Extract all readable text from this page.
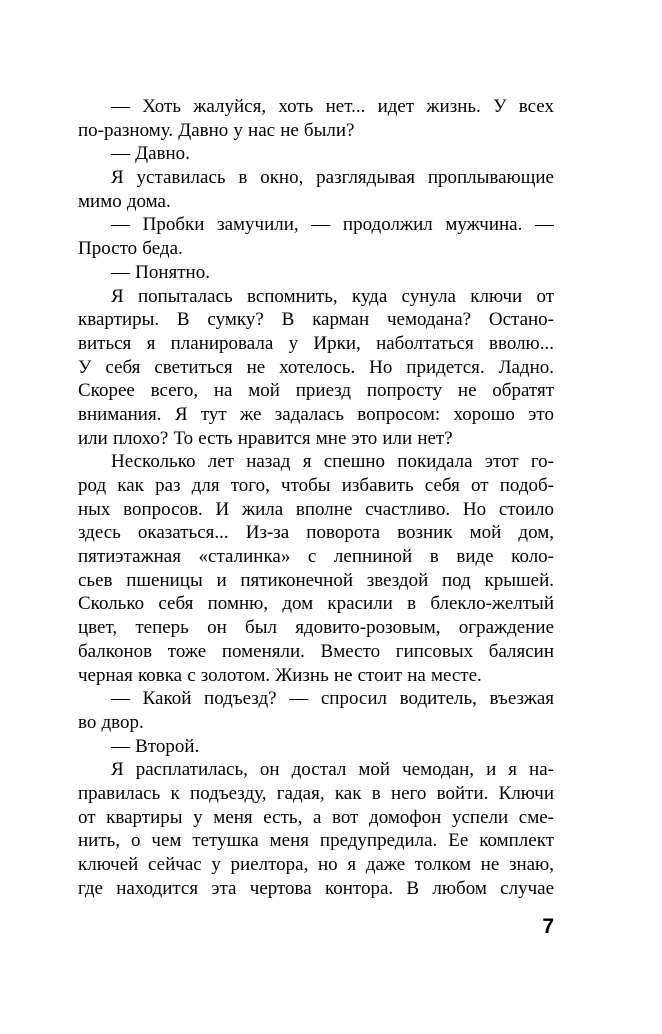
— Хоть жалуйся, хоть нет... идет жизнь. У всех
по-разному. Давно у нас не были?
— Давно.
Я уставилась в окно, разглядывая проплывающие
мимо дома.
— Пробки замучили, — продолжил мужчина. —
Просто беда.
— Понятно.
Я попыталась вспомнить, куда сунула ключи от
квартиры. В сумку? В карман чемодана? Остано-
виться я планировала у Ирки, наболтаться вволю...
У себя светиться не хотелось. Но придется. Ладно.
Скорее всего, на мой приезд попросту не обратят
внимания. Я тут же задалась вопросом: хорошо это
или плохо? То есть нравится мне это или нет?
Несколько лет назад я спешно покидала этот го-
род как раз для того, чтобы избавить себя от подоб-
ных вопросов. И жила вполне счастливо. Но стоило
здесь оказаться... Из-за поворота возник мой дом,
пятиэтажная «сталинка» с лепниной в виде коло-
сьев пшеницы и пятиконечной звездой под крышей.
Сколько себя помню, дом красили в блекло-желтый
цвет, теперь он был ядовито-розовым, ограждение
балконов тоже поменяли. Вместо гипсовых балясин
черная ковка с золотом. Жизнь не стоит на месте.
— Какой подъезд? — спросил водитель, въезжая
во двор.
— Второй.
Я расплатилась, он достал мой чемодан, и я на-
правилась к подъезду, гадая, как в него войти. Ключи
от квартиры у меня есть, а вот домофон успели сме-
нить, о чем тетушка меня предупредила. Ее комплект
ключей сейчас у риелтора, но я даже толком не знаю,
где находится эта чертова контора. В любом случае
7
